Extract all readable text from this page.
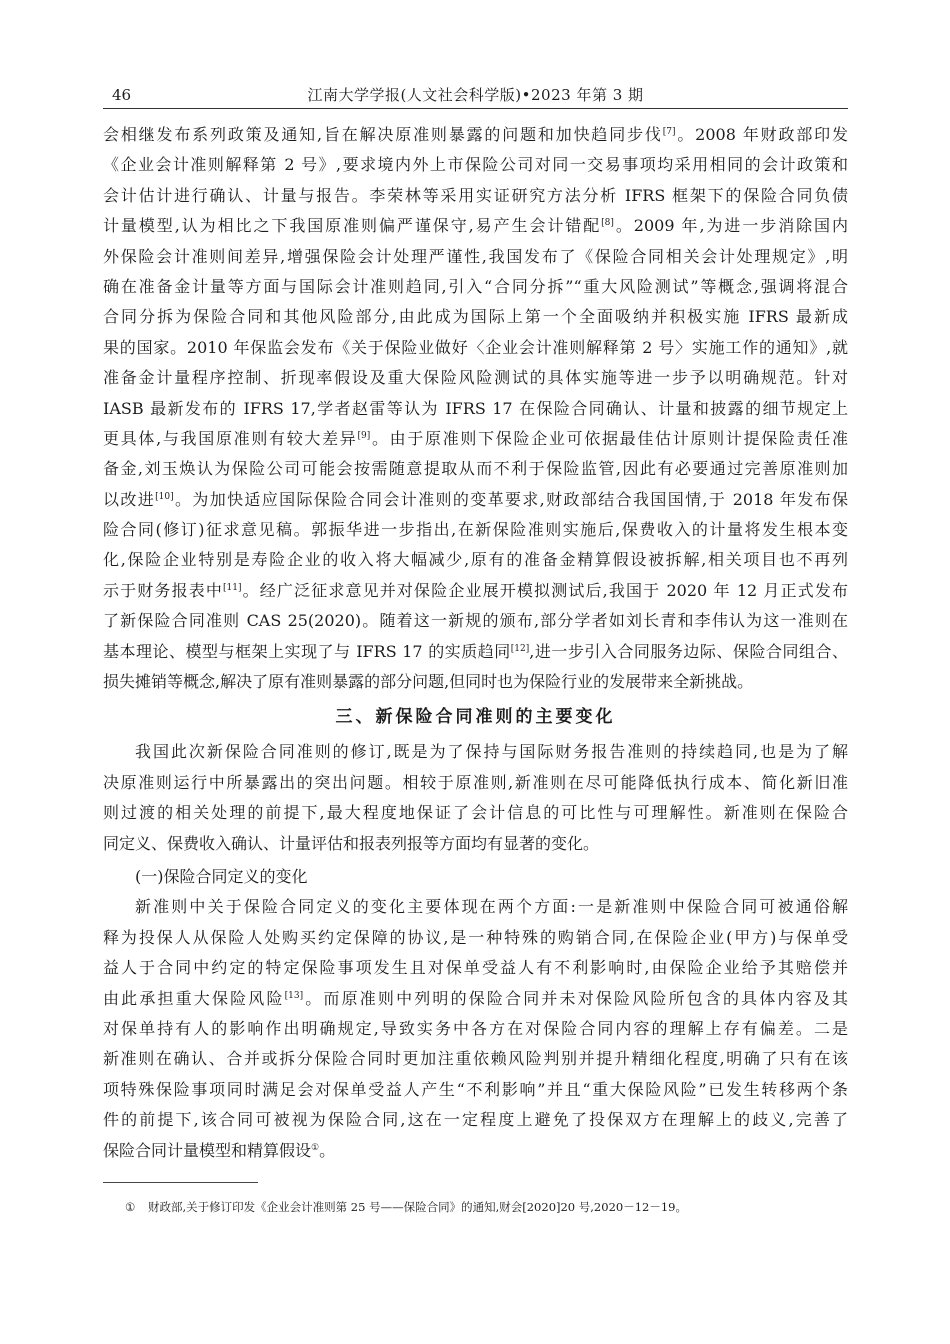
46	江南大学学报(人文社会科学版)•2023 年第 3 期
会相继发布系列政策及通知,旨在解决原准则暴露的问题和加快趋同步伐[7]。2008 年财政部印发
《企业会计准则解释第 2 号》,要求境内外上市保险公司对同一交易事项均采用相同的会计政策和
会计估计进行确认、计量与报告。李荣林等采用实证研究方法分析 IFRS 框架下的保险合同负债
计量模型,认为相比之下我国原准则偏严谨保守,易产生会计错配[8]。2009 年,为进一步消除国内
外保险会计准则间差异,增强保险会计处理严谨性,我国发布了《保险合同相关会计处理规定》,明
确在准备金计量等方面与国际会计准则趋同,引入“合同分拆”“重大风险测试”等概念,强调将混合
合同分拆为保险合同和其他风险部分,由此成为国际上第一个全面吸纳并积极实施 IFRS 最新成
果的国家。2010 年保监会发布《关于保险业做好〈企业会计准则解释第 2 号〉实施工作的通知》,就
准备金计量程序控制、折现率假设及重大保险风险测试的具体实施等进一步予以明确规范。针对
IASB 最新发布的 IFRS 17,学者赵雷等认为 IFRS 17 在保险合同确认、计量和披露的细节规定上
更具体,与我国原准则有较大差异[9]。由于原准则下保险企业可依据最佳估计原则计提保险责任准
备金,刘玉焕认为保险公司可能会按需随意提取从而不利于保险监管,因此有必要通过完善原准则加
以改进[10]。为加快适应国际保险合同会计准则的变革要求,财政部结合我国国情,于 2018 年发布保
险合同(修订)征求意见稿。郭振华进一步指出,在新保险准则实施后,保费收入的计量将发生根本变
化,保险企业特别是寿险企业的收入将大幅减少,原有的准备金精算假设被拆解,相关项目也不再列
示于财务报表中[11]。经广泛征求意见并对保险企业展开模拟测试后,我国于 2020 年 12 月正式发布
了新保险合同准则 CAS 25(2020)。随着这一新规的颁布,部分学者如刘长青和李伟认为这一准则在
基本理论、模型与框架上实现了与 IFRS 17 的实质趋同[12],进一步引入合同服务边际、保险合同组合、
损失摊销等概念,解决了原有准则暴露的部分问题,但同时也为保险行业的发展带来全新挑战。
三、新保险合同准则的主要变化
我国此次新保险合同准则的修订,既是为了保持与国际财务报告准则的持续趋同,也是为了解
决原准则运行中所暴露出的突出问题。相较于原准则,新准则在尽可能降低执行成本、简化新旧准
则过渡的相关处理的前提下,最大程度地保证了会计信息的可比性与可理解性。新准则在保险合
同定义、保费收入确认、计量评估和报表列报等方面均有显著的变化。
(一)保险合同定义的变化
新准则中关于保险合同定义的变化主要体现在两个方面:一是新准则中保险合同可被通俗解
释为投保人从保险人处购买约定保障的协议,是一种特殊的购销合同,在保险企业(甲方)与保单受
益人于合同中约定的特定保险事项发生且对保单受益人有不利影响时,由保险企业给予其赔偿并
由此承担重大保险风险[13]。而原准则中列明的保险合同并未对保险风险所包含的具体内容及其
对保单持有人的影响作出明确规定,导致实务中各方在对保险合同内容的理解上存有偏差。二是
新准则在确认、合并或拆分保险合同时更加注重依赖风险判别并提升精细化程度,明确了只有在该
项特殊保险事项同时满足会对保单受益人产生“不利影响”并且“重大保险风险”已发生转移两个条
件的前提下,该合同可被视为保险合同,这在一定程度上避免了投保双方在理解上的歧义,完善了
保险合同计量模型和精算假设①。
① 财政部,关于修订印发《企业会计准则第 25 号——保险合同》的通知,财会[2020]20 号,2020－12－19。
